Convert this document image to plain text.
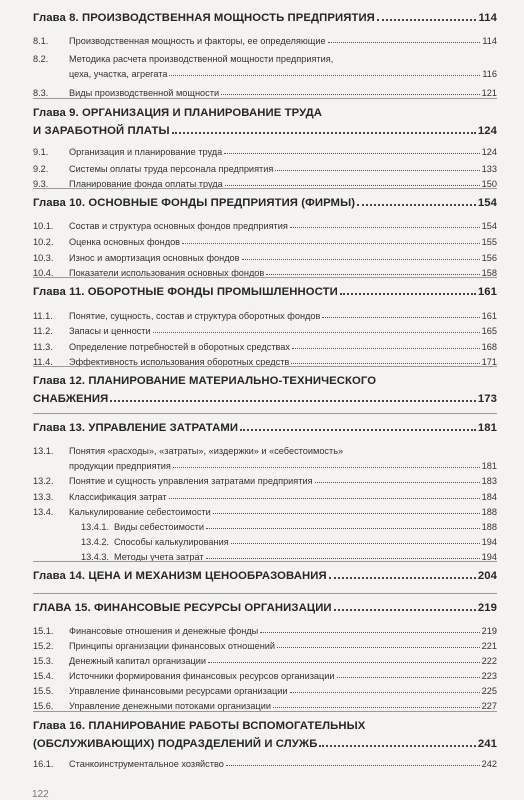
Глава 8. ПРОИЗВОДСТВЕННАЯ МОЩНОСТЬ ПРЕДПРИЯТИЯ	114
8.1.	Производственная мощность и факторы, ее определяющие	114
8.2.	Методика расчета производственной мощности предприятия,
цеха, участка, агрегата	116
8.3.	Виды производственной мощности	121
Глава 9. ОРГАНИЗАЦИЯ И ПЛАНИРОВАНИЕ ТРУДА
И ЗАРАБОТНОЙ ПЛАТЫ	124
9.1.	Организация и планирование труда	124
9.2.	Системы оплаты труда персонала предприятия	133
9.3.	Планирование фонда оплаты труда	150
Глава 10. ОСНОВНЫЕ ФОНДЫ ПРЕДПРИЯТИЯ (ФИРМЫ)	154
10.1.	Состав и структура основных фондов предприятия	154
10.2.	Оценка основных фондов	155
10.3.	Износ и амортизация основных фондов	156
10.4.	Показатели использования основных фондов	158
Глава 11. ОБОРОТНЫЕ ФОНДЫ ПРОМЫШЛЕННОСТИ	161
11.1.	Понятие, сущность, состав и структура оборотных фондов	161
11.2.	Запасы и ценности	165
11.3.	Определение потребностей в оборотных средствах	168
11.4.	Эффективность использования оборотных средств	171
Глава 12. ПЛАНИРОВАНИЕ МАТЕРИАЛЬНО-ТЕХНИЧЕСКОГО
СНАБЖЕНИЯ	173
Глава 13. УПРАВЛЕНИЕ ЗАТРАТАМИ	181
13.1.	Понятия «расходы», «затраты», «издержки» и «себестоимость»
продукции предприятия	181
13.2.	Понятие и сущность управления затратами предприятия	183
13.3.	Классификация затрат	184
13.4.	Калькулирование себестоимости	188
13.4.1. Виды себестоимости	188
13.4.2. Способы калькулирования	194
13.4.3. Методы учета затрат	194
Глава 14. ЦЕНА И МЕХАНИЗМ ЦЕНООБРАЗОВАНИЯ	204
ГЛАВА 15. ФИНАНСОВЫЕ РЕСУРСЫ ОРГАНИЗАЦИИ	219
15.1.	Финансовые отношения и денежные фонды	219
15.2.	Принципы организации финансовых отношений	221
15.3.	Денежный капитал организации	222
15.4.	Источники формирования финансовых ресурсов организации	223
15.5.	Управление финансовыми ресурсами организации	225
15.6.	Управление денежными потоками организации	227
Глава 16. ПЛАНИРОВАНИЕ РАБОТЫ ВСПОМОГАТЕЛЬНЫХ
(ОБСЛУЖИВАЮЩИХ) ПОДРАЗДЕЛЕНИЙ И СЛУЖБ	241
16.1.	Станкоинструментальное хозяйство	242
122
